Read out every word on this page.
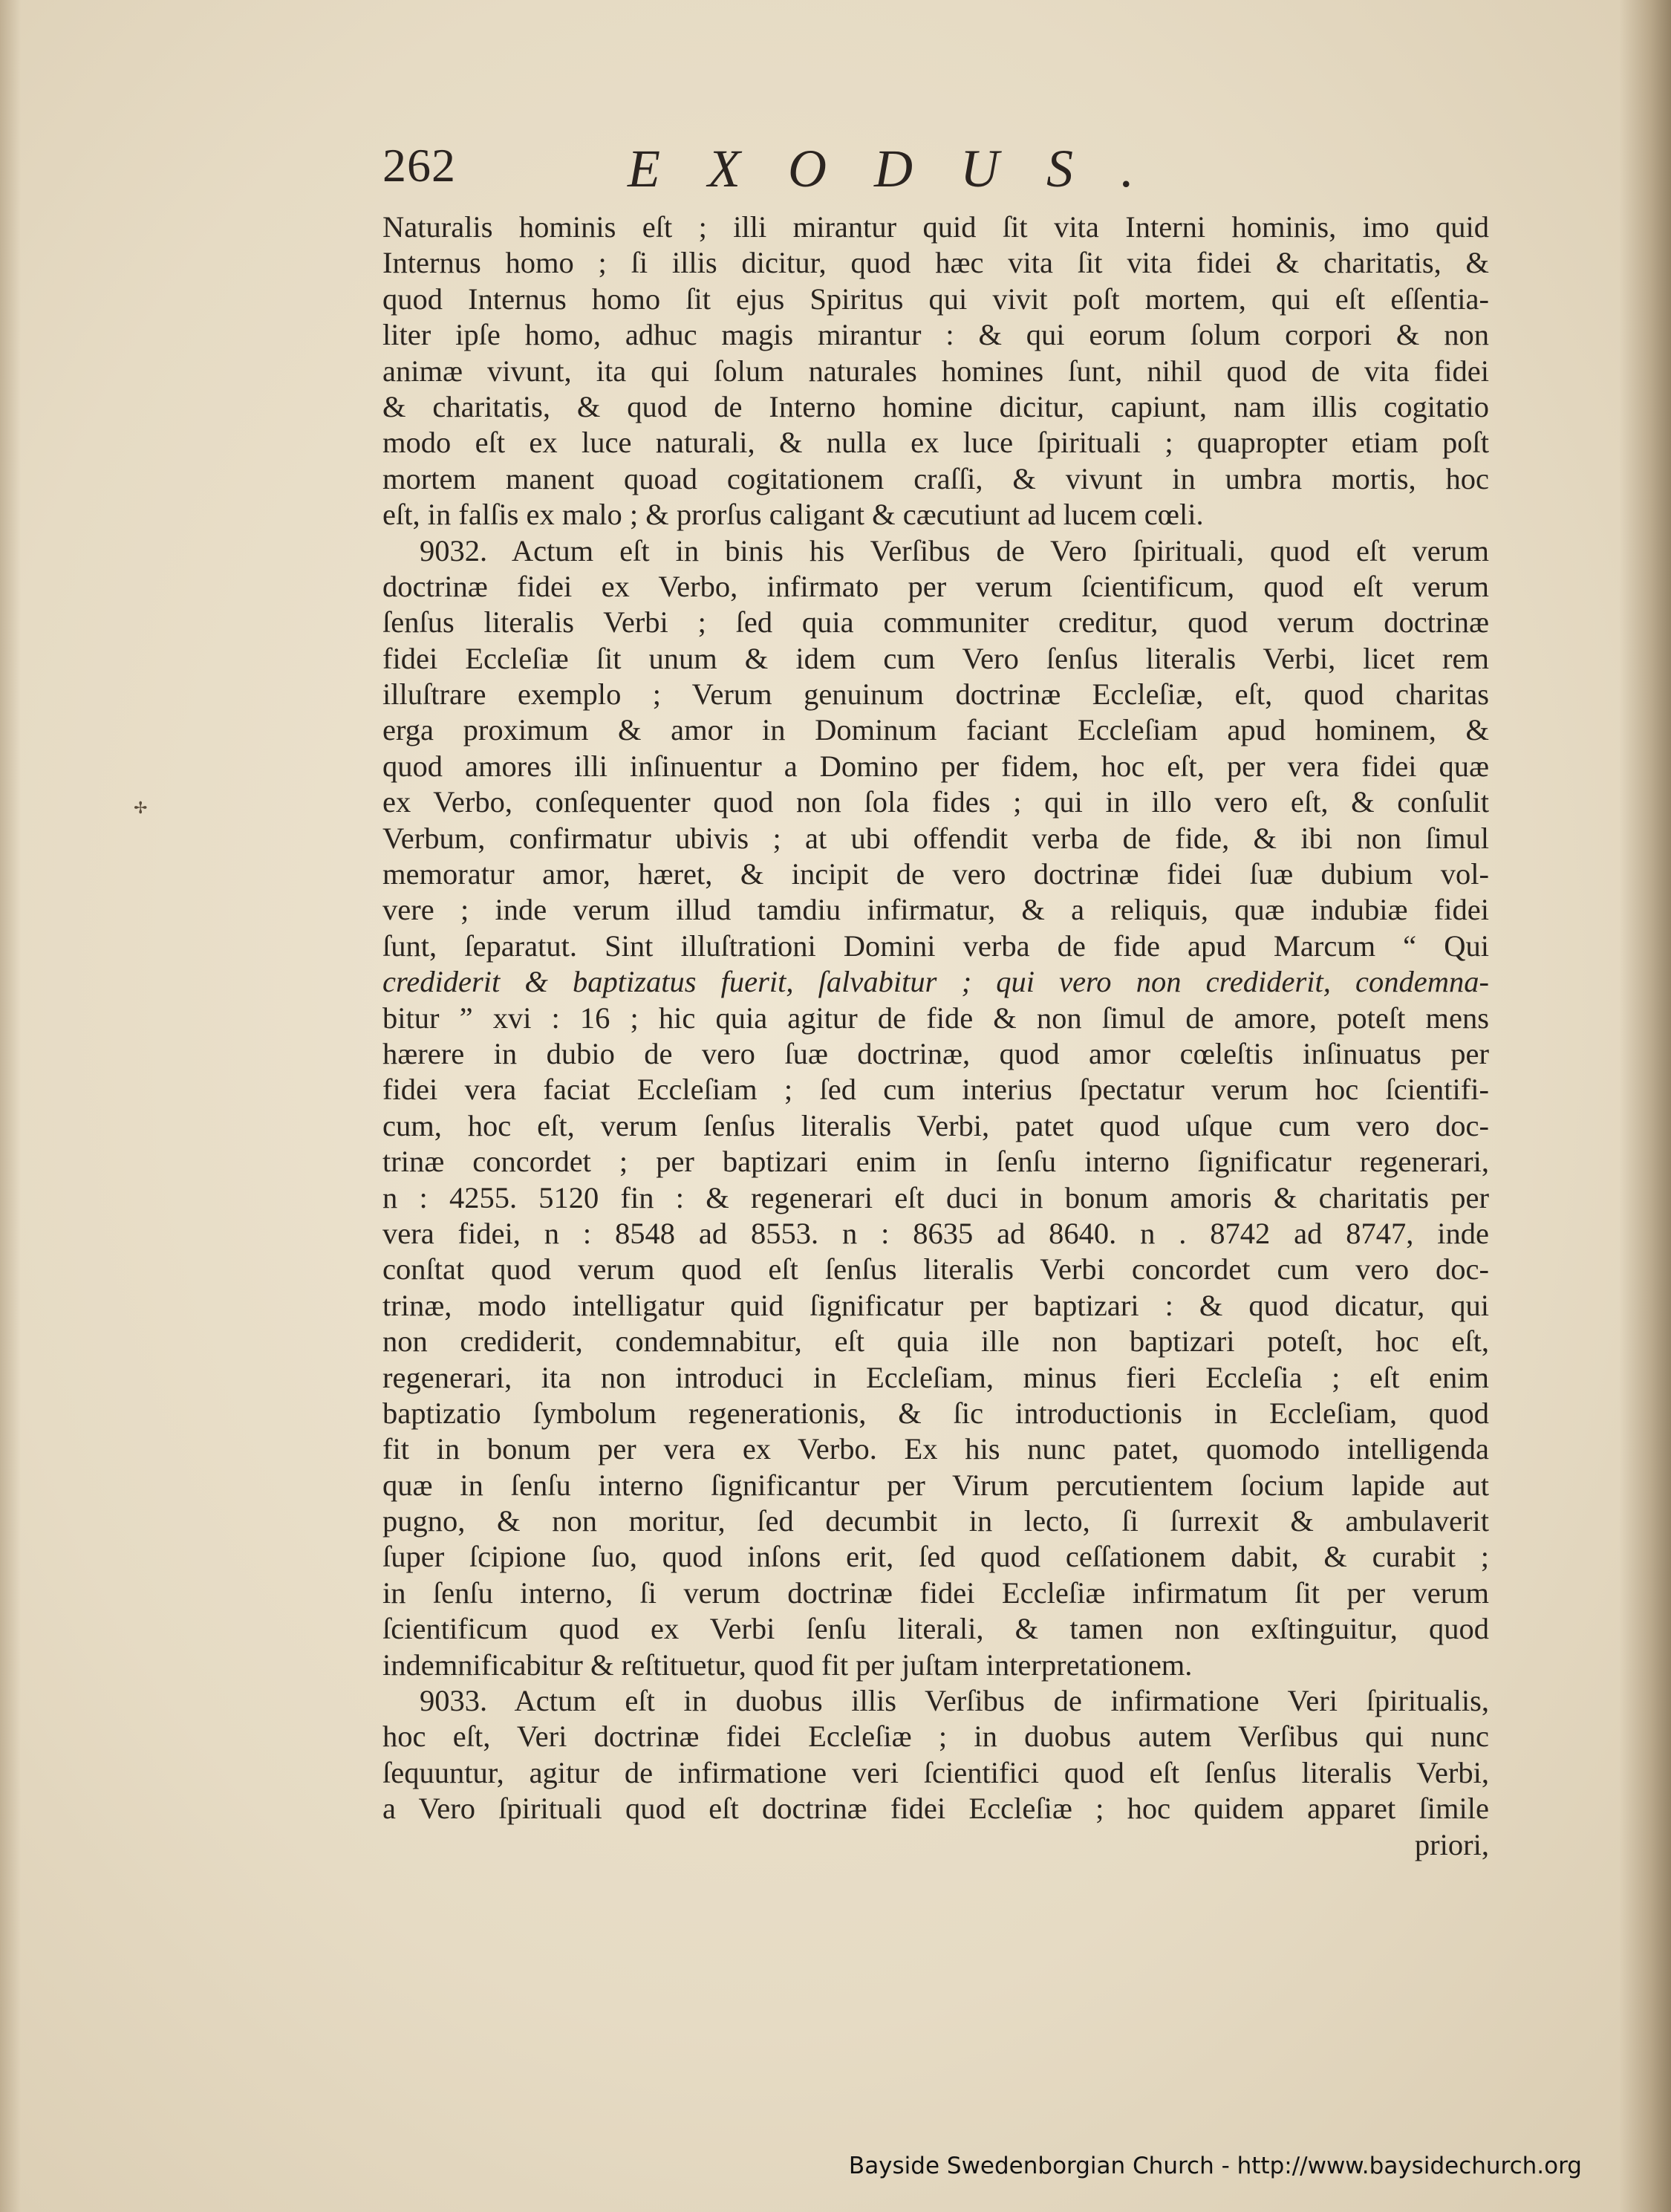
262	EXODUS.
✢
Naturalis hominis eſt ; illi mirantur quid ſit vita Interni hominis, imo quid
Internus homo ; ſi illis dicitur, quod hæc vita ſit vita fidei & charitatis, &
quod Internus homo ſit ejus Spiritus qui vivit poſt mortem, qui eſt eſſentia-
liter ipſe homo, adhuc magis mirantur : & qui eorum ſolum corpori & non
animæ vivunt, ita qui ſolum naturales homines ſunt, nihil quod de vita fidei
& charitatis, & quod de Interno homine dicitur, capiunt, nam illis cogitatio
modo eſt ex luce naturali, & nulla ex luce ſpirituali ; quapropter etiam poſt
mortem manent quoad cogitationem craſſi, & vivunt in umbra mortis, hoc
eſt, in falſis ex malo ; & prorſus caligant & cæcutiunt ad lucem cœli.
9032. Actum eſt in binis his Verſibus de Vero ſpirituali, quod eſt verum
doctrinæ fidei ex Verbo, infirmato per verum ſcientificum, quod eſt verum
ſenſus literalis Verbi ; ſed quia communiter creditur, quod verum doctrinæ
fidei Eccleſiæ ſit unum & idem cum Vero ſenſus literalis Verbi, licet rem
illuſtrare exemplo ; Verum genuinum doctrinæ Eccleſiæ, eſt, quod charitas
erga proximum & amor in Dominum faciant Eccleſiam apud hominem, &
quod amores illi inſinuentur a Domino per fidem, hoc eſt, per vera fidei quæ
ex Verbo, conſequenter quod non ſola fides ; qui in illo vero eſt, & conſulit
Verbum, confirmatur ubivis ; at ubi offendit verba de fide, & ibi non ſimul
memoratur amor, hæret, & incipit de vero doctrinæ fidei ſuæ dubium vol-
vere ; inde verum illud tamdiu infirmatur, & a reliquis, quæ indubiæ fidei
ſunt, ſeparatut. Sint illuſtrationi Domini verba de fide apud Marcum “ Qui
crediderit & baptizatus fuerit, ſalvabitur ; qui vero non crediderit, condemna-
bitur ” xvi : 16 ; hic quia agitur de fide & non ſimul de amore, poteſt mens
hærere in dubio de vero ſuæ doctrinæ, quod amor cœleſtis inſinuatus per
fidei vera faciat Eccleſiam ; ſed cum interius ſpectatur verum hoc ſcientifi-
cum, hoc eſt, verum ſenſus literalis Verbi, patet quod uſque cum vero doc-
trinæ concordet ; per baptizari enim in ſenſu interno ſignificatur regenerari,
n : 4255. 5120 fin : & regenerari eſt duci in bonum amoris & charitatis per
vera fidei, n : 8548 ad 8553. n : 8635 ad 8640. n . 8742 ad 8747, inde
conſtat quod verum quod eſt ſenſus literalis Verbi concordet cum vero doc-
trinæ, modo intelligatur quid ſignificatur per baptizari : & quod dicatur, qui
non crediderit, condemnabitur, eſt quia ille non baptizari poteſt, hoc eſt,
regenerari, ita non introduci in Eccleſiam, minus fieri Eccleſia ; eſt enim
baptizatio ſymbolum regenerationis, & ſic introductionis in Eccleſiam, quod
fit in bonum per vera ex Verbo. Ex his nunc patet, quomodo intelligenda
quæ in ſenſu interno ſignificantur per Virum percutientem ſocium lapide aut
pugno, & non moritur, ſed decumbit in lecto, ſi ſurrexit & ambulaverit
ſuper ſcipione ſuo, quod inſons erit, ſed quod ceſſationem dabit, & curabit ;
in ſenſu interno, ſi verum doctrinæ fidei Eccleſiæ infirmatum ſit per verum
ſcientificum quod ex Verbi ſenſu literali, & tamen non exſtinguitur, quod
indemnificabitur & reſtituetur, quod fit per juſtam interpretationem.
9033. Actum eſt in duobus illis Verſibus de infirmatione Veri ſpiritualis,
hoc eſt, Veri doctrinæ fidei Eccleſiæ ; in duobus autem Verſibus qui nunc
ſequuntur, agitur de infirmatione veri ſcientifici quod eſt ſenſus literalis Verbi,
a Vero ſpirituali quod eſt doctrinæ fidei Eccleſiæ ; hoc quidem apparet ſimile
priori,
Bayside Swedenborgian Church - http://www.baysidechurch.org
